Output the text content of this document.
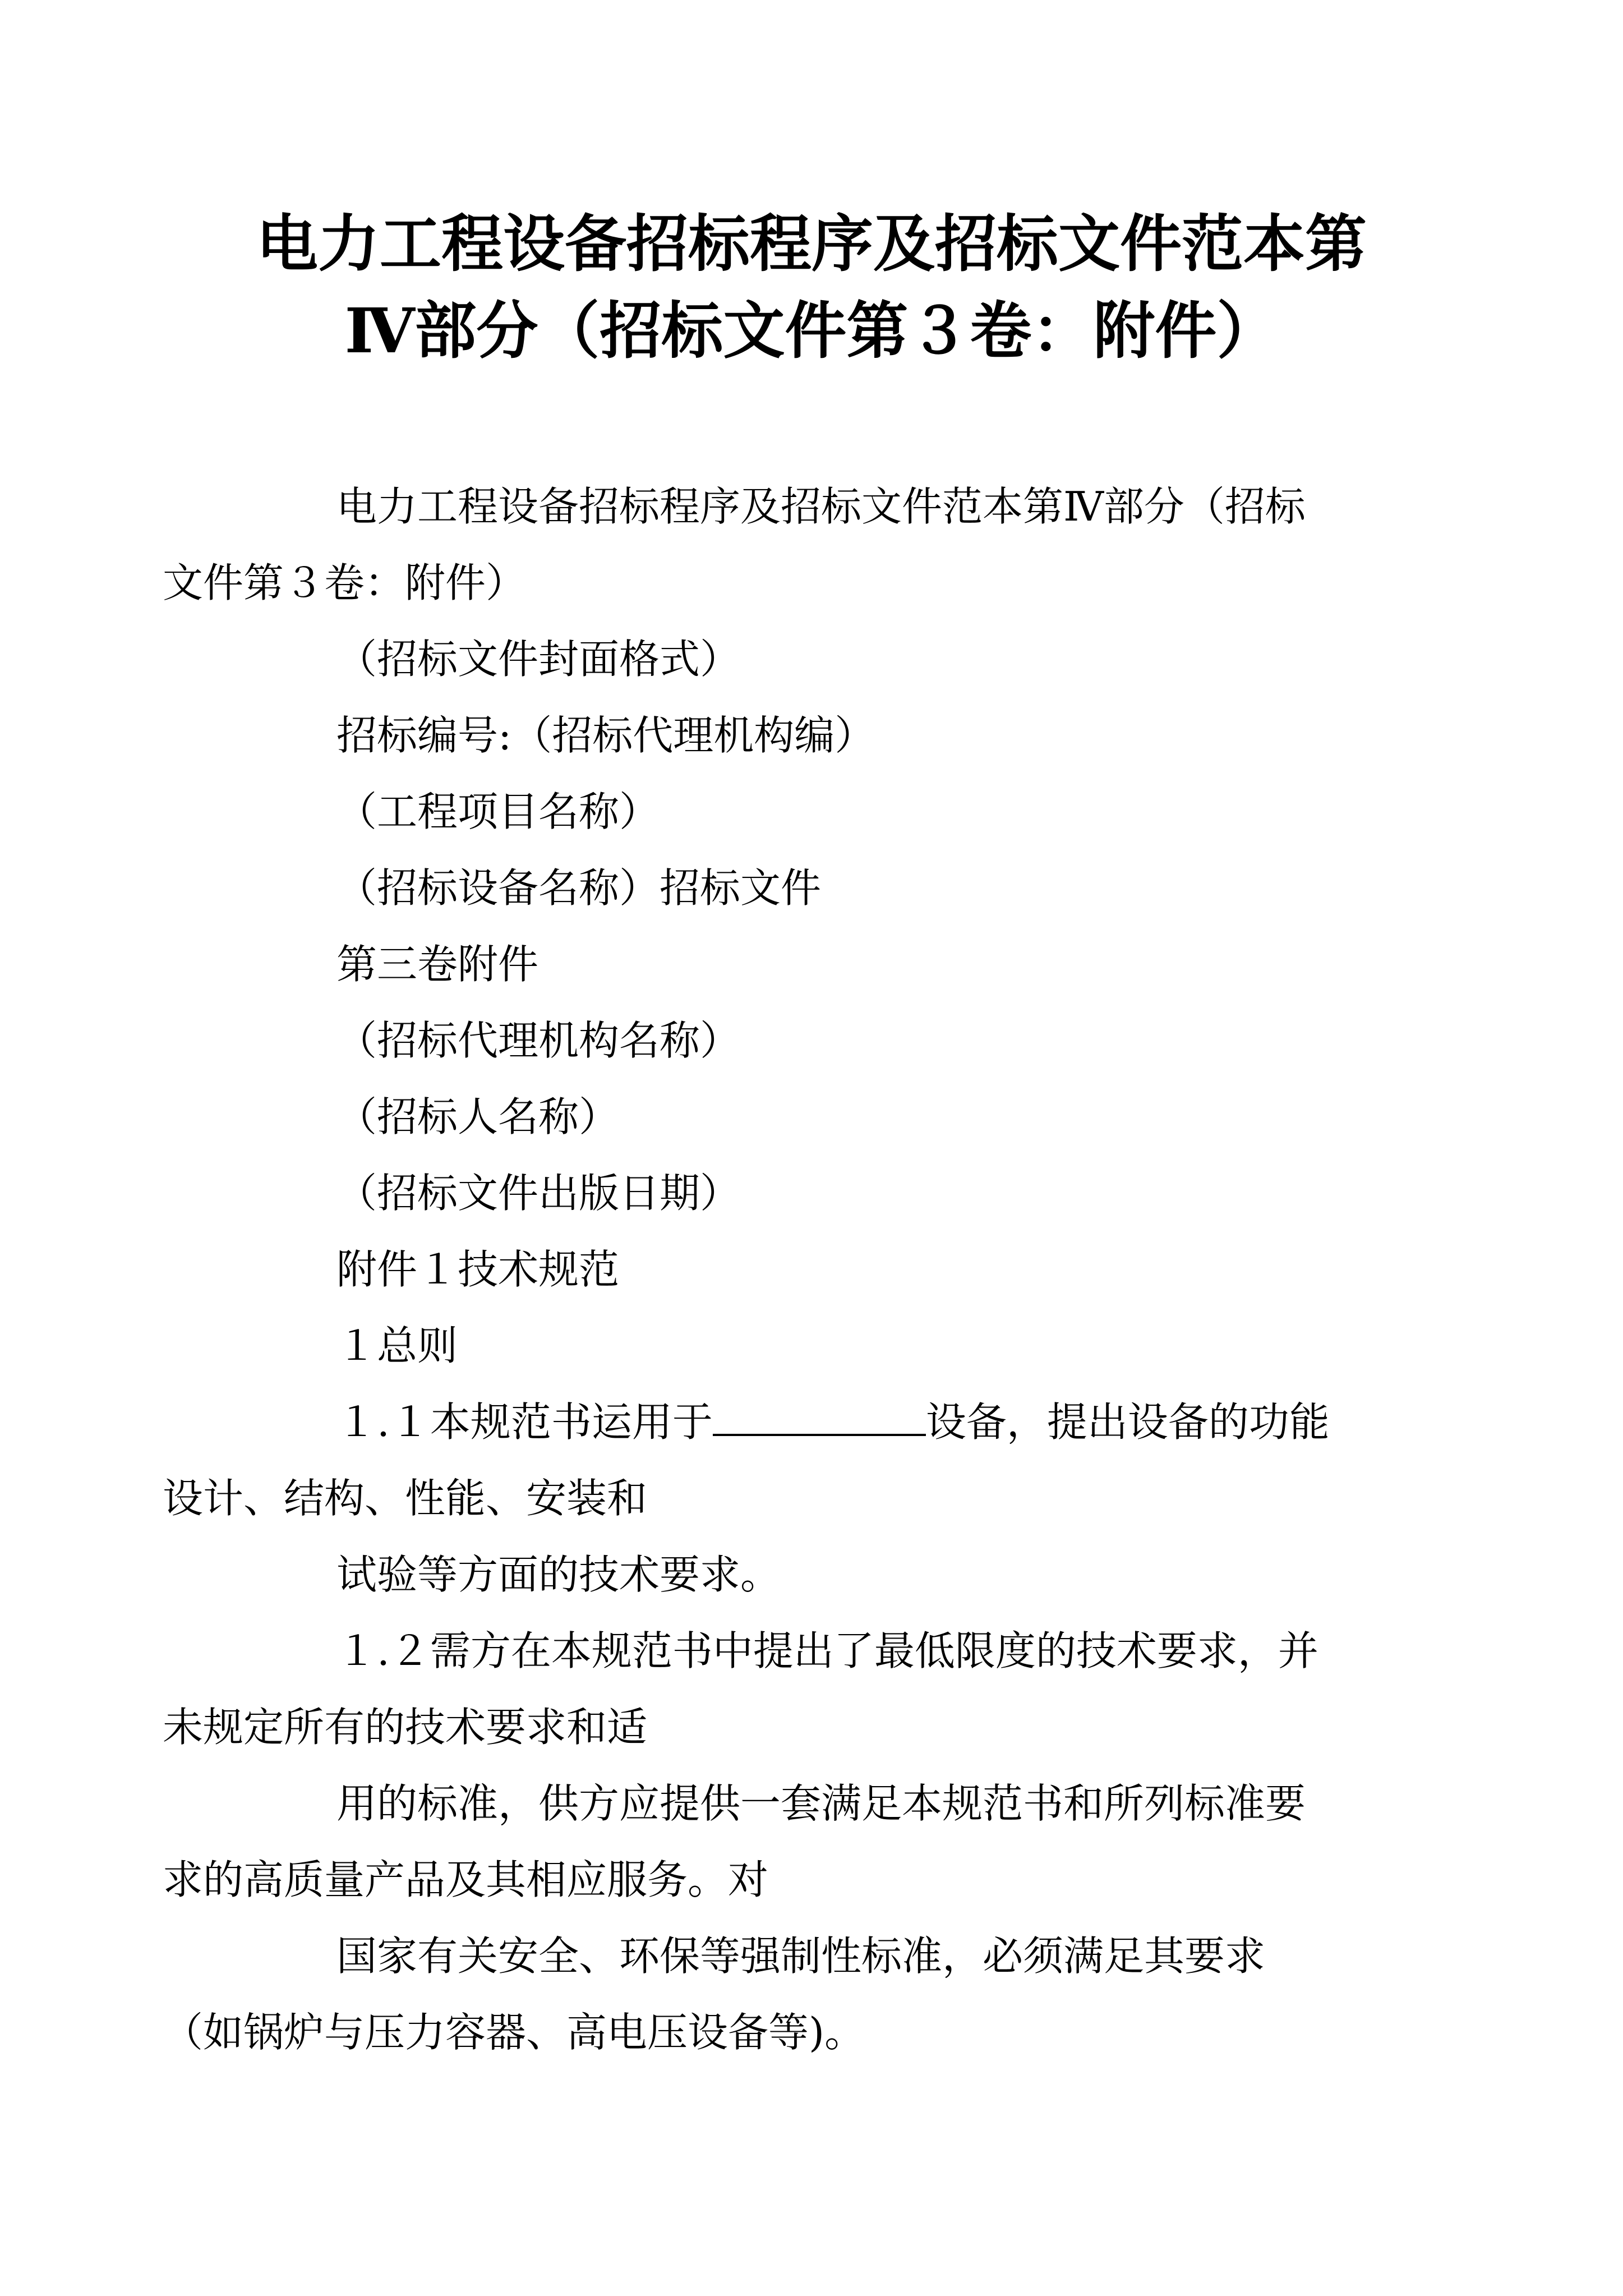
电力工程设备招标程序及招标文件范本第
Ⅳ部分（招标文件第３卷：附件）

电力工程设备招标程序及招标文件范本第Ⅳ部分（招标
文件第３卷：附件）

（招标文件封面格式）

招标编号:（招标代理机构编）

（工程项目名称）

（招标设备名称）招标文件

第三卷附件

（招标代理机构名称）

（招标人名称）

（招标文件出版日期）

附件１技术规范

１总则

１.１本规范书运用于	设备，提出设备的功能
设计、结构、性能、安装和

试验等方面的技术要求。

１.２需方在本规范书中提出了最低限度的技术要求，并
未规定所有的技术要求和适

用的标准，供方应提供一套满足本规范书和所列标准要
求的高质量产品及其相应服务。对

国家有关安全、环保等强制性标准，必须满足其要求
（如锅炉与压力容器、高电压设备等)。
